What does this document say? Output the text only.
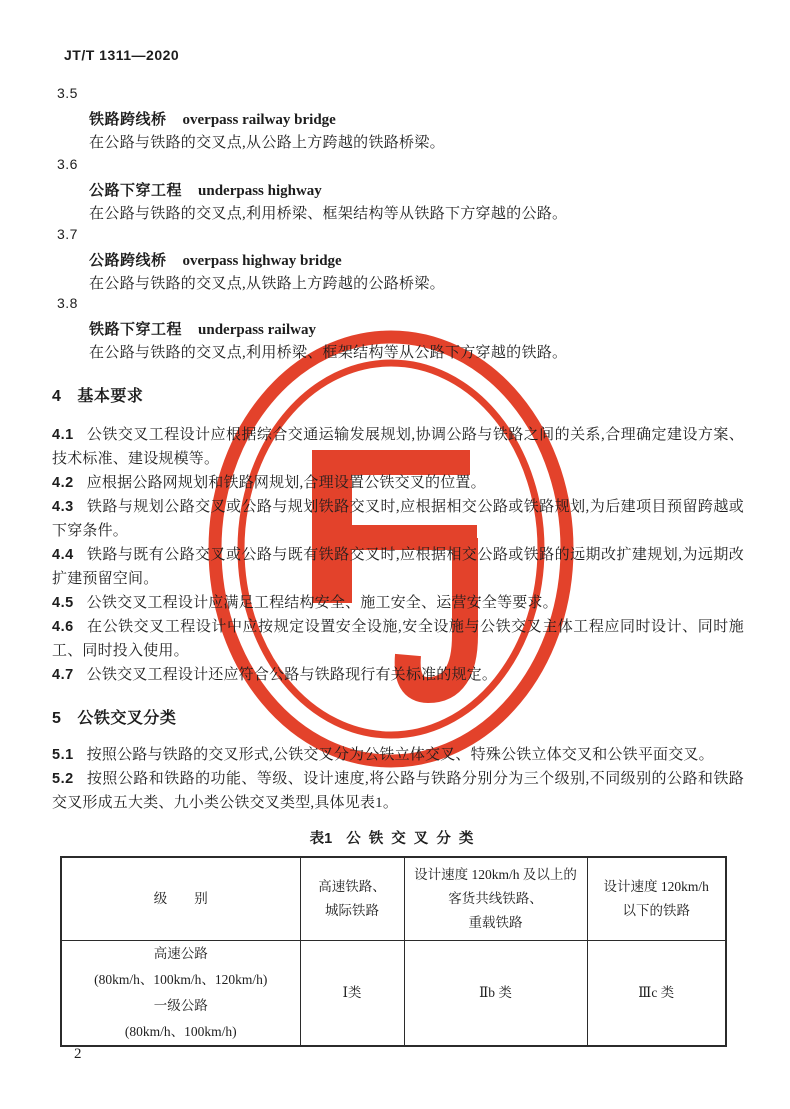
JT/T 1311—2020
3.5
铁路跨线桥 overpass railway bridge
在公路与铁路的交叉点,从公路上方跨越的铁路桥梁。
3.6
公路下穿工程 underpass highway
在公路与铁路的交叉点,利用桥梁、框架结构等从铁路下方穿越的公路。
3.7
公路跨线桥 overpass highway bridge
在公路与铁路的交叉点,从铁路上方跨越的公路桥梁。
3.8
铁路下穿工程 underpass railway
在公路与铁路的交叉点,利用桥梁、框架结构等从公路下方穿越的铁路。
4 基本要求
4.1 公铁交叉工程设计应根据综合交通运输发展规划,协调公路与铁路之间的关系,合理确定建设方案、技术标准、建设规模等。
4.2 应根据公路网规划和铁路网规划,合理设置公铁交叉的位置。
4.3 铁路与规划公路交叉或公路与规划铁路交叉时,应根据相交公路或铁路规划,为后建项目预留跨越或下穿条件。
4.4 铁路与既有公路交叉或公路与既有铁路交叉时,应根据相交公路或铁路的远期改扩建规划,为远期改扩建预留空间。
4.5 公铁交叉工程设计应满足工程结构安全、施工安全、运营安全等要求。
4.6 在公铁交叉工程设计中应按规定设置安全设施,安全设施与公铁交叉主体工程应同时设计、同时施工、同时投入使用。
4.7 公铁交叉工程设计还应符合公路与铁路现行有关标准的规定。
5 公铁交叉分类
5.1 按照公路与铁路的交叉形式,公铁交叉分为公铁立体交叉、特殊公铁立体交叉和公铁平面交叉。
5.2 按照公路和铁路的功能、等级、设计速度,将公路与铁路分别分为三个级别,不同级别的公路和铁路交叉形成五大类、九小类公铁交叉类型,具体见表1。
表1 公 铁 交 叉 分 类
级　　别	高速铁路、
城际铁路	设计速度 120km/h 及以上的
客货共线铁路、
重载铁路	设计速度 120km/h
以下的铁路

高速公路
(80km/h、100km/h、120km/h)
一级公路
(80km/h、100km/h)	Ⅰ类	Ⅱb 类	Ⅲc 类
2
